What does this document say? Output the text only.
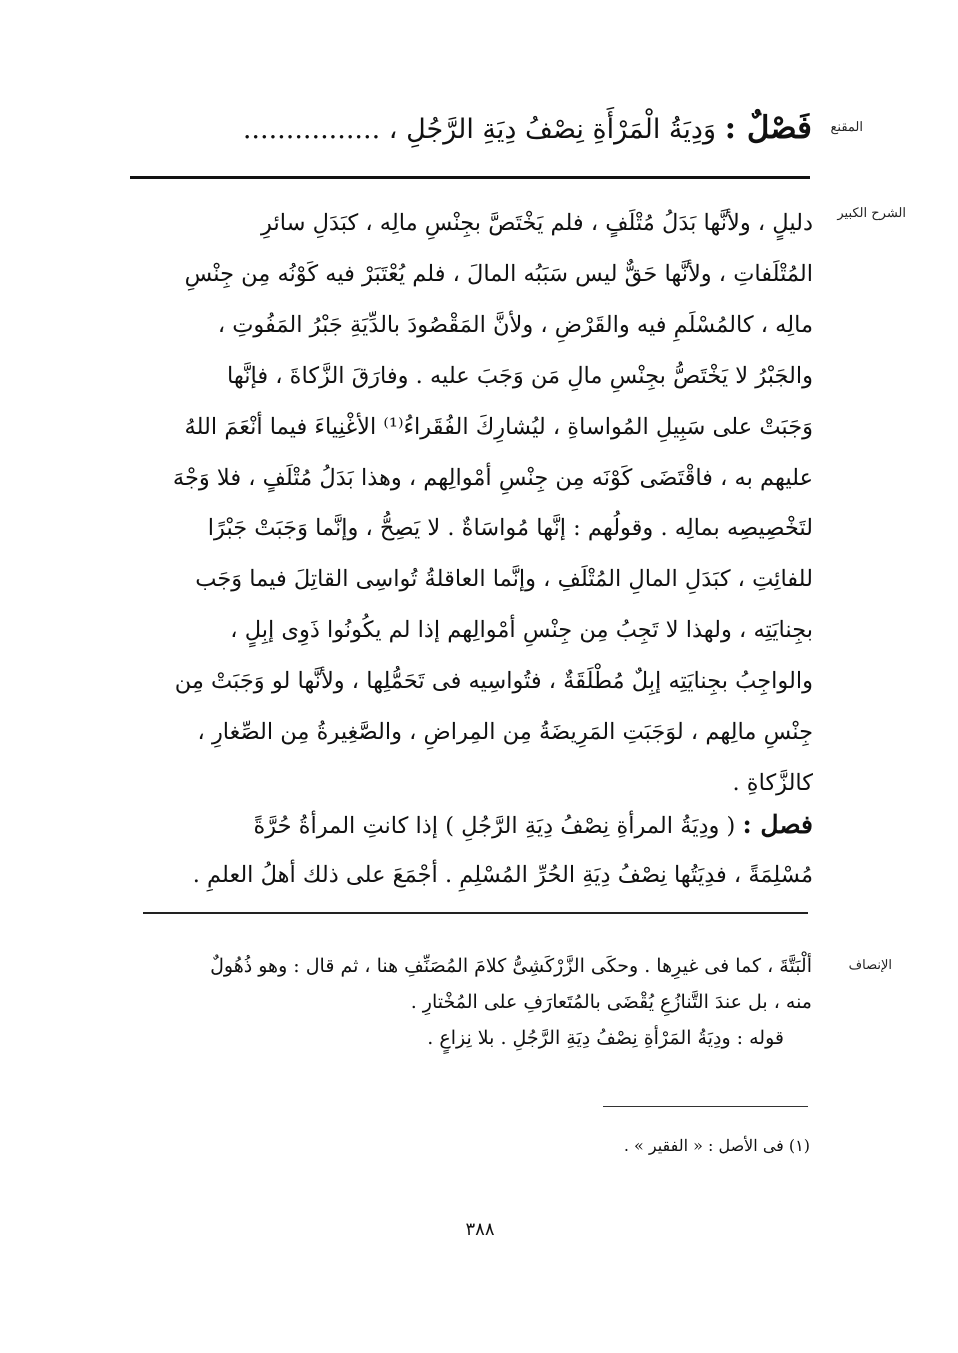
المقنع
الشرح الكبير
الإنصاف
فَصْلٌ : وَدِيَةُ الْمَرْأَةِ نِصْفُ دِيَةِ الرَّجُلِ ، ................

دليلٍ ، ولأنَّها بَدَلُ مُتْلَفٍ ، فلم يَخْتَصَّ بجِنْسِ مالِه ، كبَدَلِ سائرِ

المُتْلَفاتِ ، ولأنَّها حَقٌّ ليس سَبَبُه المالَ ، فلم يُعْتَبَرْ فيه كَوْنُه مِن جِنْسِ

مالِه ، كالمُسْلَمِ فيه والقَرْضِ ، ولأنَّ المَقْصُودَ بالدِّيَةِ جَبْرُ المَفُوتِ ،

والجَبْرُ لا يَخْتَصُّ بجِنْسِ مالِ مَن وَجَبَ عليه . وفارَقَ الزَّكاةَ ، فإنَّها

وَجَبَتْ على سَبِيلِ المُواساةِ ، ليُشارِكَ الفُقَراءُ⁽¹⁾ الأغْنِياءَ فيما أنْعَمَ اللهُ

عليهم به ، فاقْتَضَى كَوْنَه مِن جِنْسِ أمْوالِهم ، وهذا بَدَلُ مُتْلَفٍ ، فلا وَجْهَ

لتَخْصِيصِه بمالِه . وقولُهم : إنَّها مُواسَاةٌ . لا يَصِحُّ ، وإنَّما وَجَبَتْ جَبْرًا

للفائِتِ ، كبَدَلِ المالِ المُتْلَفِ ، وإنَّما العاقلةُ تُواسِى القاتِلَ فيما وَجَب

بجِنايَتِه ، ولهذا لا تَجِبُ مِن جِنْسِ أمْوالِهم إذا لم يكُونُوا ذَوِى إبِلٍ ،

والواجِبُ بجِنايَتِه إبِلٌ مُطْلَقَةٌ ، فتُواسِيه فى تَحَمُّلِها ، ولأنَّها لو وَجَبَتْ مِن

جِنْسِ مالِهم ، لوَجَبَتِ المَرِيضَةُ مِن المِراضِ ، والصَّغِيرةُ مِن الصِّغارِ ،

كالزَّكاةِ .

فصل : ( ودِيَةُ المرأةِ نِصْفُ دِيَةِ الرَّجُلِ ) إذا كانتِ المرأةُ حُرَّةً

مُسْلِمَةً ، فدِيَتُها نِصْفُ دِيَةِ الحُرِّ المُسْلِمِ . أجْمَعَ على ذلك أهلُ العلمِ .

ألْبَتَّةَ ، كما فى غيرِها . وحكَى الزَّرْكَشِىُّ كلامَ المُصَنِّفِ هنا ، ثم قال : وهو ذُهُولٌ

منه ، بل عندَ التَّنازُعِ يُقْضَى بالمُتَعارَفِ على المُخْتارِ .

قوله : ودِيَةُ المَرْأةِ نِصْفُ دِيَةِ الرَّجُلِ . بلا نِزاعٍ .

(١) فى الأصل : « الفقير » .
٣٨٨
